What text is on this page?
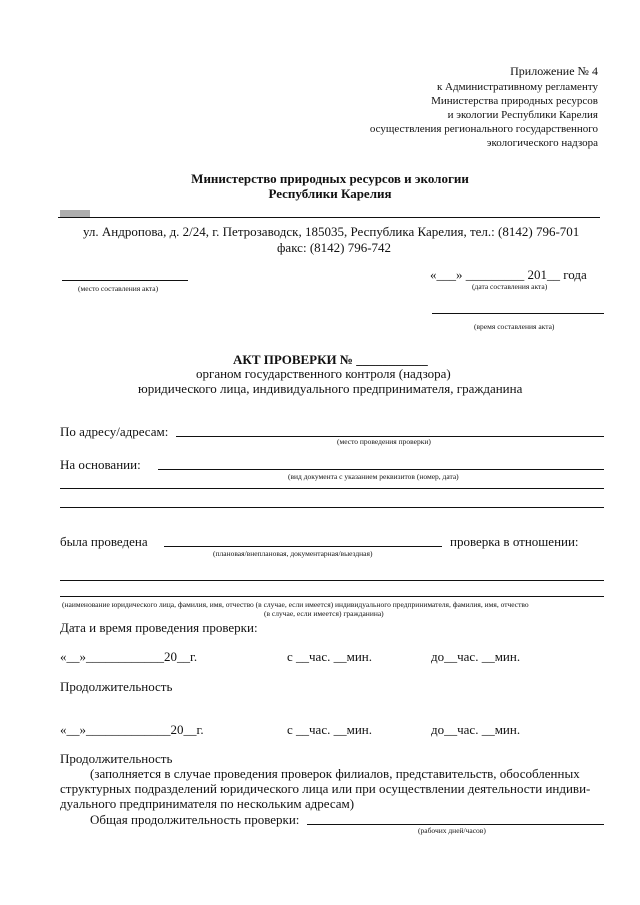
Приложение № 4
к Административному регламенту
Министерства природных ресурсов
и экологии Республики Карелия
осуществления регионального государственного
экологического надзора
Министерство природных ресурсов и экологии
Республики Карелия
ул. Андропова, д. 2/24, г. Петрозаводск, 185035, Республика Карелия, тел.: (8142) 796-701
факс: (8142) 796-742
(место составления акта)
«___» _________ 201__ года
(дата составления акта)
(время составления акта)
АКТ ПРОВЕРКИ № ___________
органом государственного контроля (надзора)
юридического лица, индивидуального предпринимателя, гражданина
По адресу/адресам:
(место проведения проверки)
На основании:
(вид документа с указанием реквизитов (номер, дата)
была проведена
(плановая/внеплановая, документарная/выездная)
проверка в отношении:
(наименование юридического лица, фамилия, имя, отчество (в случае, если имеется) индивидуального предпринимателя, фамилия, имя, отчество
(в случае, если имеется) гражданина)
Дата и время проведения проверки:
«__»____________20__г.	с __час. __мин.	до__час. __мин.
Продолжительность
«__»_____________20__г.	с __час. __мин.	до__час. __мин.
Продолжительность
(заполняется в случае проведения проверок филиалов, представительств, обособленных
структурных подразделений юридического лица или при осуществлении деятельности индиви-
дуального предпринимателя по нескольким адресам)
Общая продолжительность проверки:
(рабочих дней/часов)
